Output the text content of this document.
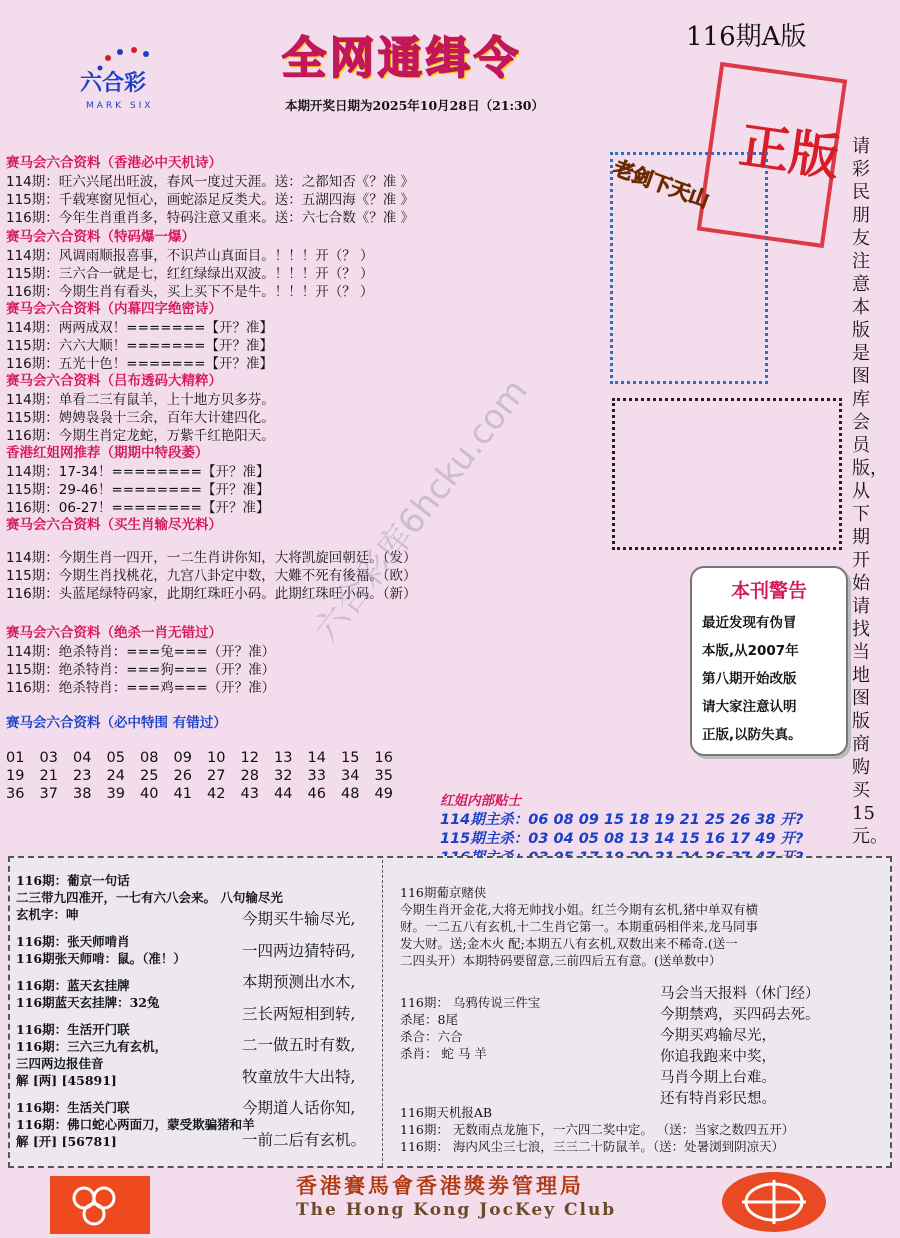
六合彩
MARK SIX
全网通缉令	116期A版
本期开奖日期为2025年10月28日（21:30）
正版
老剑下天山
请彩民朋友注意本版是图库会员版，从下期开始请找当地图版商购买15元。
本刊警告
最近发现有伪冒
本版,从2007年
第八期开始改版
请大家注意认明
正版,以防失真。
赛马会六合资料（香港必中天机诗）
114期：旺六兴尾出旺波，春风一度过天涯。送：之都知否《？准 》
115期：千载寒窗见恒心，画蛇添足反类犬。送：五湖四海《？准 》
116期：今年生肖重肖多，特码注意又重来。送：六七合数《？准 》
赛马会六合资料（特码爆一爆）
114期：风调雨顺报喜事，不识芦山真面目。！！！开（？ ）
115期：三六合一就是七，红红绿绿出双波。！！！开（？ ）
116期：今期生肖有看头，买上买下不是牛。！！！开（？ ）
赛马会六合资料（内幕四字绝密诗）
114期：两两成双！=======【开？准】
115期：六六大顺！=======【开？准】
116期：五光十色！=======【开？准】
赛马会六合资料（吕布透码大精粹）
114期：单看二三有鼠羊，上十地方贝多芬。
115期：娉娉袅袅十三余，百年大计建四化。
116期：今期生肖定龙蛇，万紫千红艳阳天。
香港红姐网推荐（期期中特段萎）
114期：17-34！========【开？准】
115期：29-46！========【开？准】
116期：06-27！========【开？准】
赛马会六合资料（买生肖输尽光料）
114期：今期生肖一四开，一二生肖讲你知，大将凯旋回朝廷。（发）
115期：今期生肖找桃花，九宫八卦定中数，大難不死有後福。（欧）
116期：头蓝尾绿特码家，此期红珠旺小码。此期红珠旺小码。（新）
赛马会六合资料（绝杀一肖无错过）
114期：绝杀特肖：===兔===（开？准）
115期：绝杀特肖：===狗===（开？准）
116期：绝杀特肖：===鸡===（开？准）
赛马会六合资料（必中特围 有错过）
01 03 04 05 08 09 10 12 13 14 15 16
19 21 23 24 25 26 27 28 32 33 34 35
36 37 38 39 40 41 42 43 44 46 48 49	红姐内部贴士
114期主杀：06 08 09 15 18 19 21 25 26 38 开?
115期主杀：03 04 05 08 13 14 15 16 17 49 开?
116期：葡京一句话
二三带九四准开，一七有六八会来。 八句输尽光
玄机字：呻
116期：张天师啃肖
116期张天师啃：鼠。（准！）
116期：蓝天玄挂牌
116期蓝天玄挂牌：32兔
116期：生活开门联
116期：三六三九有玄机，
三四两边报佳音
解 [两] [45891]
116期：生活关门联
116期：佛口蛇心两面刀，蒙受欺骗猪和羊
解 [开] [56781]
今期买牛输尽光,
一四两边猜特码,
本期预测出水木,
三长两短相到转,
二一做五时有数,
牧童放牛大出特,
今期道人话你知,
一前二后有玄机。
116期葡京赌侠
今期生肖开金花,大将无帅找小姐。红兰今期有玄机,猪中单双有横
财。一二五八有玄机,十二生肖它第一。本期重码相伴来,龙马同事
发大财。送;金木火 配;本期五八有玄机,双数出来不稀奇.(送一
二四头开）本期特码要留意,三前四后五有意。(送单数中）
116期： 乌鸦传说三件宝
杀尾：8尾
杀合：六合
杀肖： 蛇 马 羊
马会当天报料（休门经）
今期禁鸡，买四码去死。
今期买鸡输尽光，
你追我跑来中奖，
马肖今期上台难。
还有特肖彩民想。
116期天机报AB
116期： 无数雨点龙施下，一六四二奖中定。 （送：当家之数四五开）
116期： 海内风尘三七浪，三三二十防鼠羊。（送：处暑浏到阴凉天）
香港賽馬會香港獎劵管理局
The Hong Kong JocKey Club
六合彩库6hcku.com
